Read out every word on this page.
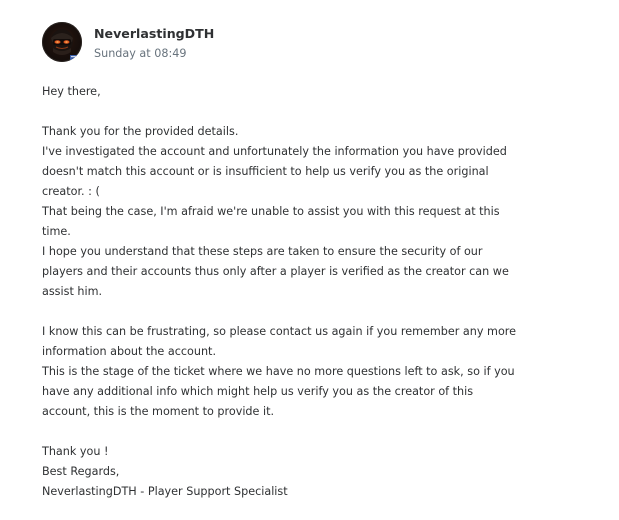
NeverlastingDTH
Sunday at 08:49
Hey there,
Thank you for the provided details.
I've investigated the account and unfortunately the information you have provided
doesn't match this account or is insufficient to help us verify you as the original
creator. : (
That being the case, I'm afraid we're unable to assist you with this request at this
time.
I hope you understand that these steps are taken to ensure the security of our
players and their accounts thus only after a player is verified as the creator can we
assist him.
I know this can be frustrating, so please contact us again if you remember any more
information about the account.
This is the stage of the ticket where we have no more questions left to ask, so if you
have any additional info which might help us verify you as the creator of this
account, this is the moment to provide it.
Thank you !
Best Regards,
NeverlastingDTH - Player Support Specialist
